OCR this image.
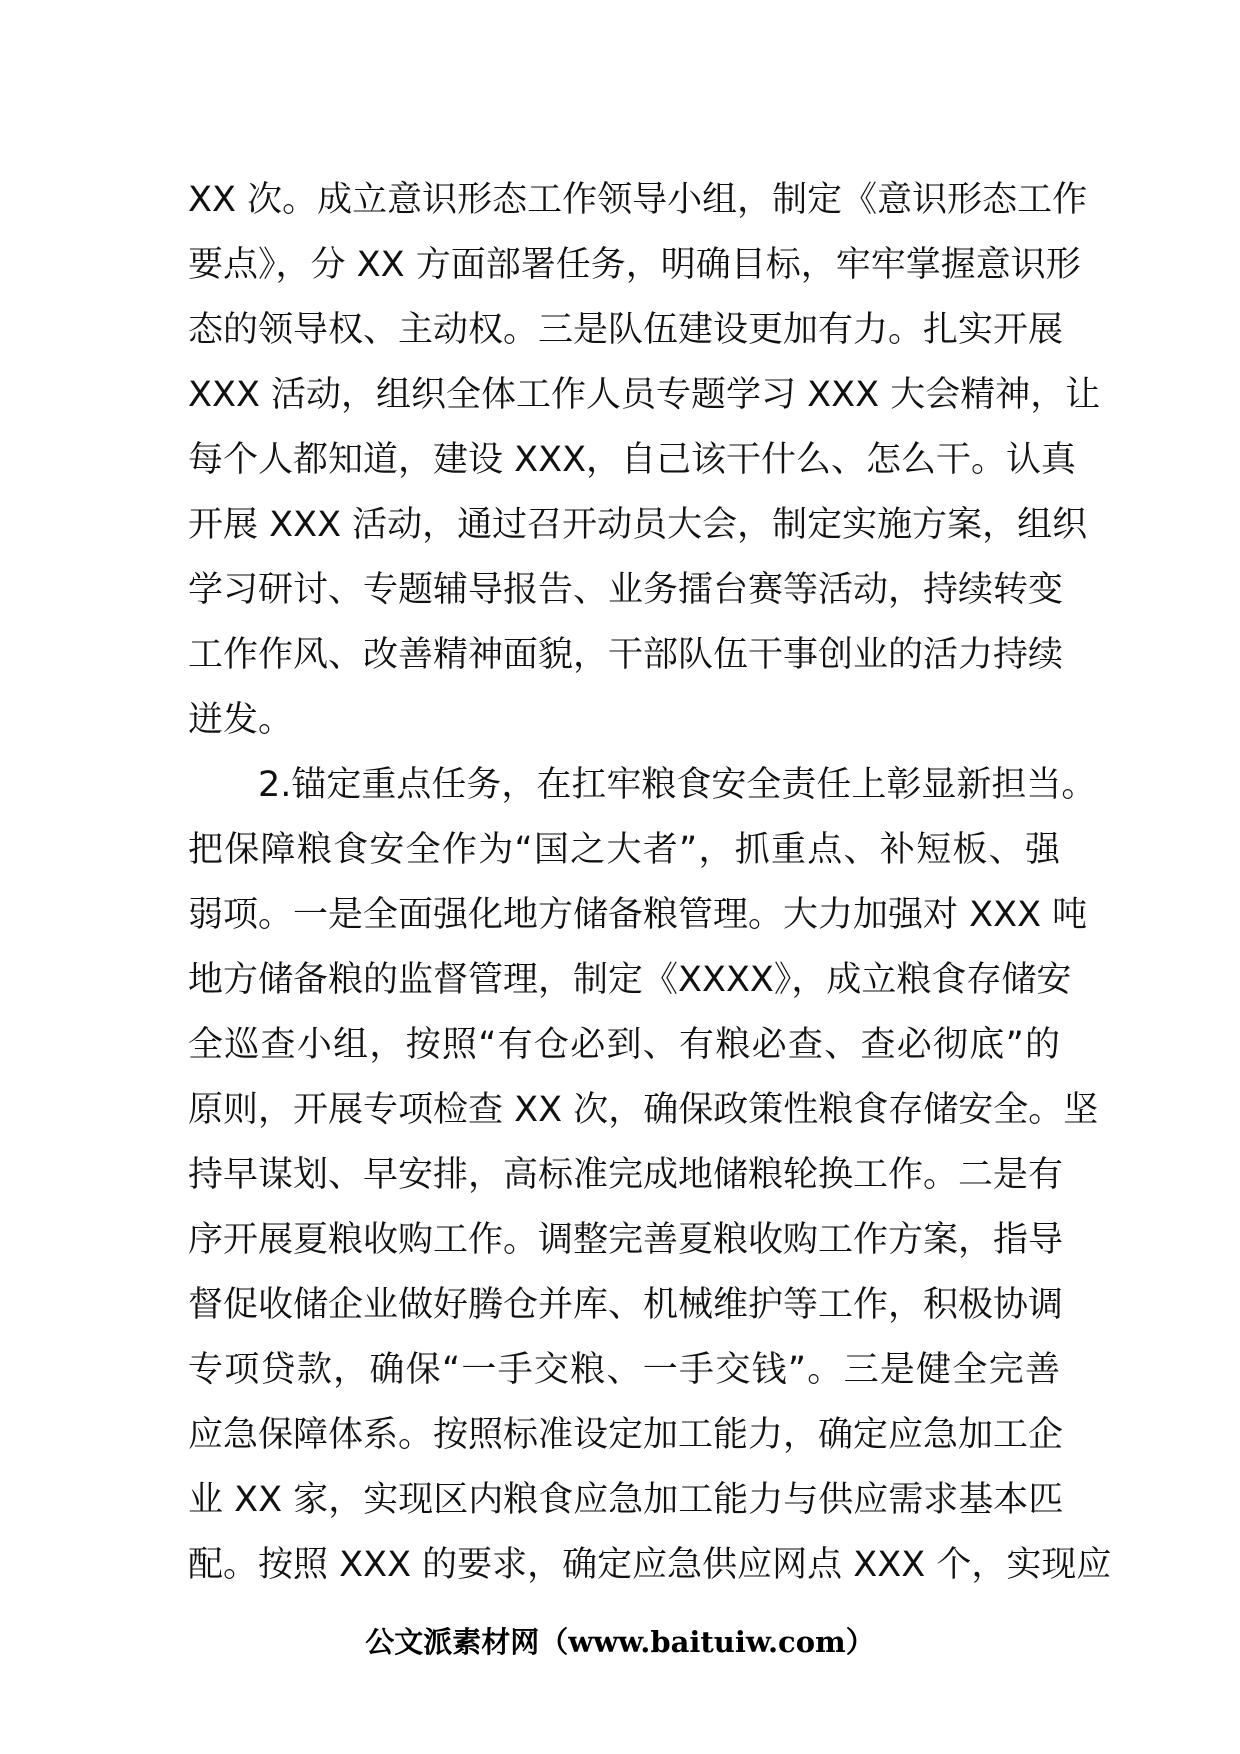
XX 次。成立意识形态工作领导小组，制定《意识形态工作
要点》，分 XX 方面部署任务，明确目标，牢牢掌握意识形
态的领导权、主动权。三是队伍建设更加有力。扎实开展
XXX 活动，组织全体工作人员专题学习 XXX 大会精神，让
每个人都知道，建设 XXX，自己该干什么、怎么干。认真
开展 XXX 活动，通过召开动员大会，制定实施方案，组织
学习研讨、专题辅导报告、业务擂台赛等活动，持续转变
工作作风、改善精神面貌，干部队伍干事创业的活力持续
迸发。
2.锚定重点任务，在扛牢粮食安全责任上彰显新担当。
把保障粮食安全作为“国之大者”，抓重点、补短板、强
弱项。一是全面强化地方储备粮管理。大力加强对 XXX 吨
地方储备粮的监督管理，制定《XXXX》，成立粮食存储安
全巡查小组，按照“有仓必到、有粮必查、查必彻底”的
原则，开展专项检查 XX 次，确保政策性粮食存储安全。坚
持早谋划、早安排，高标准完成地储粮轮换工作。二是有
序开展夏粮收购工作。调整完善夏粮收购工作方案，指导
督促收储企业做好腾仓并库、机械维护等工作，积极协调
专项贷款，确保“一手交粮、一手交钱”。三是健全完善
应急保障体系。按照标准设定加工能力，确定应急加工企
业 XX 家，实现区内粮食应急加工能力与供应需求基本匹
配。按照 XXX 的要求，确定应急供应网点 XXX 个，实现应
公文派素材网（www.baituiw.com）
